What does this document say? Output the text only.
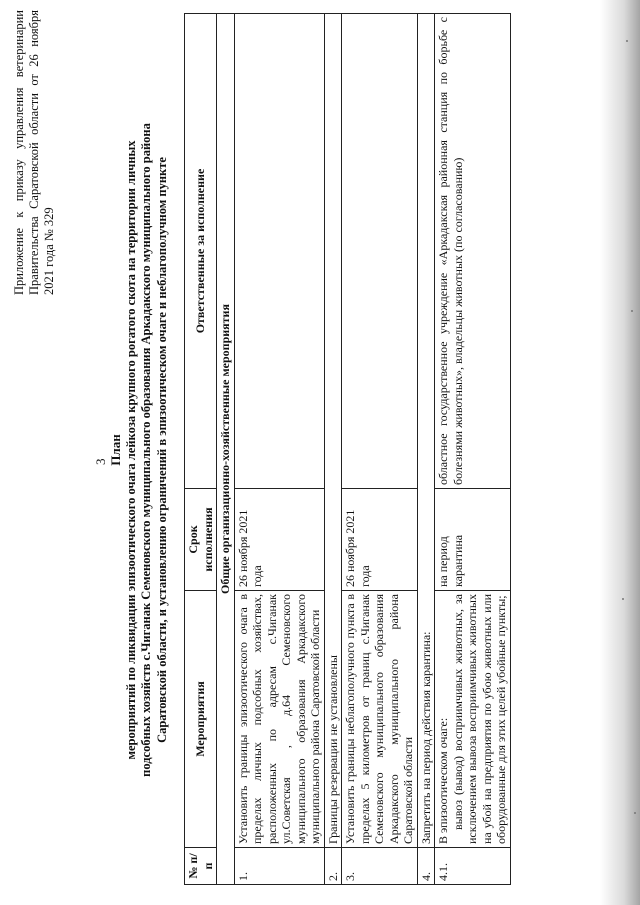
3
Приложение к приказу управления ветеринарии Правительства Саратовской области от 26 ноября 2021 года № 329
План мероприятий по ликвидации эпизоотического очага лейкоза крупного рогатого скота на территории личных подсобных хозяйств с.Чиганак Семеновского муниципального образования Аркадакского муниципального района Саратовской области, и установлению ограничений в эпизоотическом очаге и неблагополучном пункте
№ п/п	Мероприятия	Срок исполнения	Ответственные за исполнение
Общие организационно-хозяйственные мероприятия			
1.	Установить границы эпизоотического очага в пределах личных подсобных хозяйствах, расположенных по адресам с.Чиганак ул.Советская , д.64 Семеновского муниципального образования Аркадакского муниципального района Саратовской области	26 ноября 2021 года	
2.	Границы резервации не установлены		
3.	Установить границы неблагополучного пункта в пределах 5 километров от границ с.Чиганак Семеновского муниципального образования Аркадакского муниципального района Саратовской области	26 ноября 2021 года	
4.	Запретить на период действия карантина:		
4.1.	В эпизоотическом очаге: вывоз (вывод) восприимчивых животных, за исключением вывоза восприимчивых животных на убой на предприятия по убою животных или оборудованные для этих целей убойные пункты;	на период карантина	областное государственное учреждение «Аркадакская районная станция по борьбе с болезнями животных», владельцы животных (по согласованию)
